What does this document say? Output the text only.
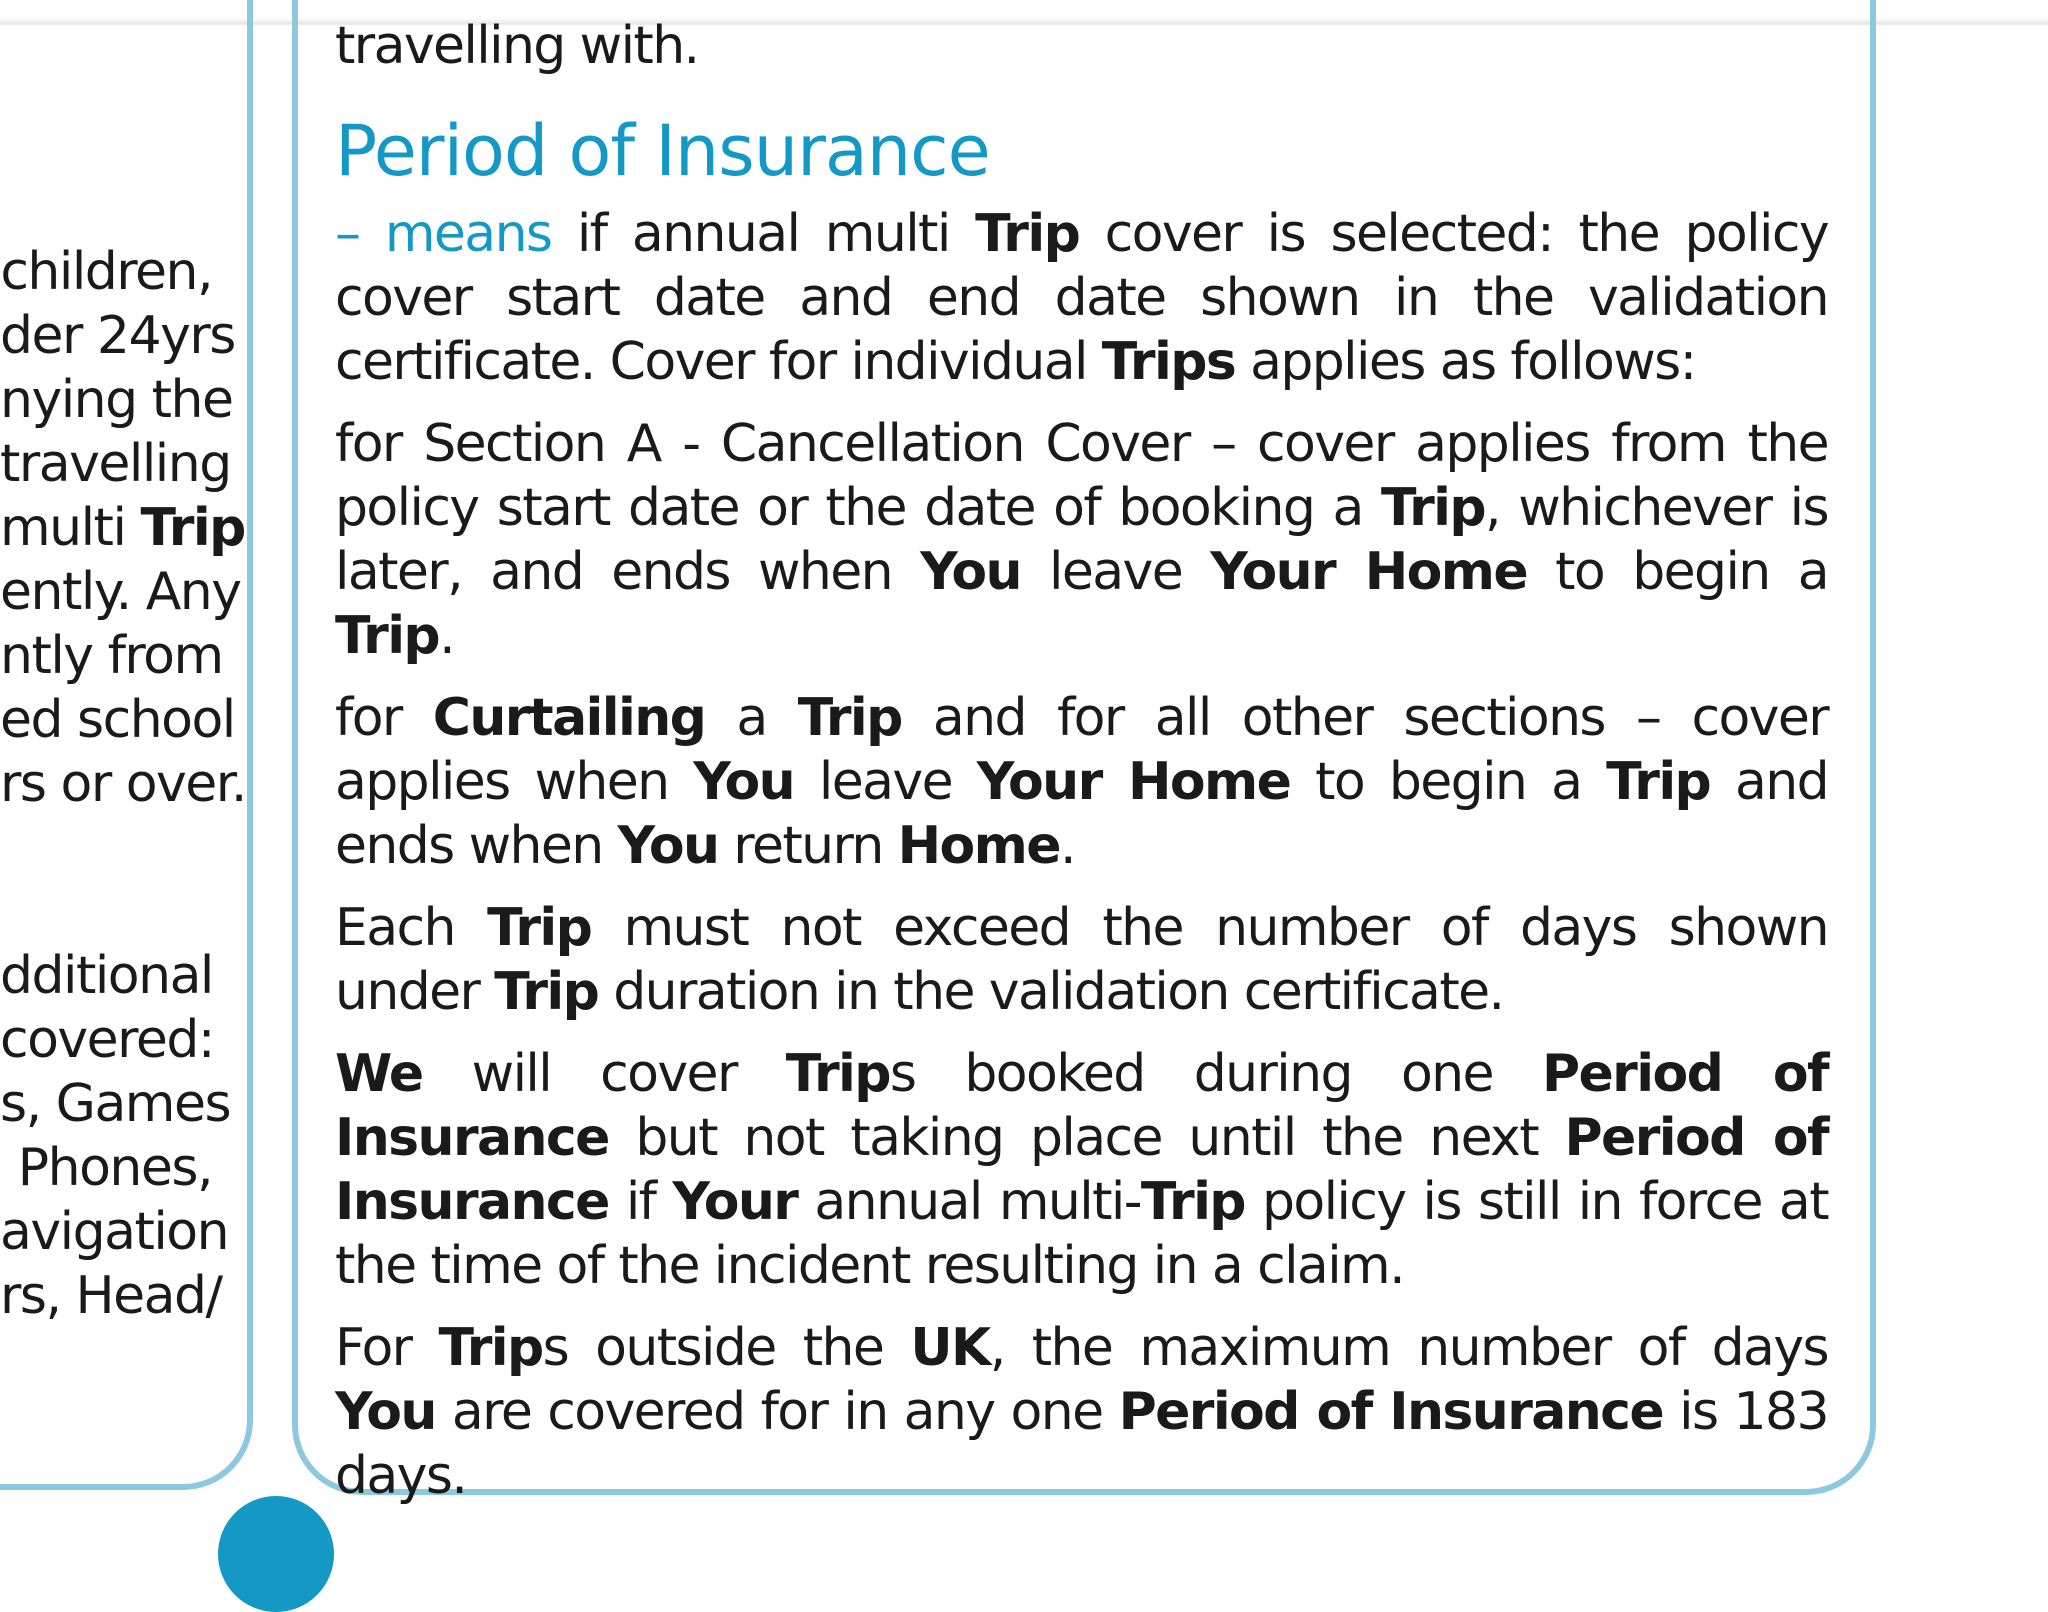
children,
der 24yrs
nying the
travelling
multi Trip
ently. Any
ntly from
ed school
rs or over.
dditional
covered:
s, Games
Phones,
avigation
rs, Head/

travelling with.

Period of Insurance

– means if annual multi Trip cover is selected: the policy cover start date and end date shown in the validation certificate. Cover for individual Trips applies as follows:

for Section A - Cancellation Cover – cover applies from the policy start date or the date of booking a Trip, whichever is later, and ends when You leave Your Home to begin a Trip.

for Curtailing a Trip and for all other sections – cover applies when You leave Your Home to begin a Trip and ends when You return Home.

Each Trip must not exceed the number of days shown under Trip duration in the validation certificate.

We will cover Trips booked during one Period of Insurance but not taking place until the next Period of Insurance if Your annual multi-Trip policy is still in force at the time of the incident resulting in a claim.

For Trips outside the UK, the maximum number of days You are covered for in any one Period of Insurance is 183 days.
